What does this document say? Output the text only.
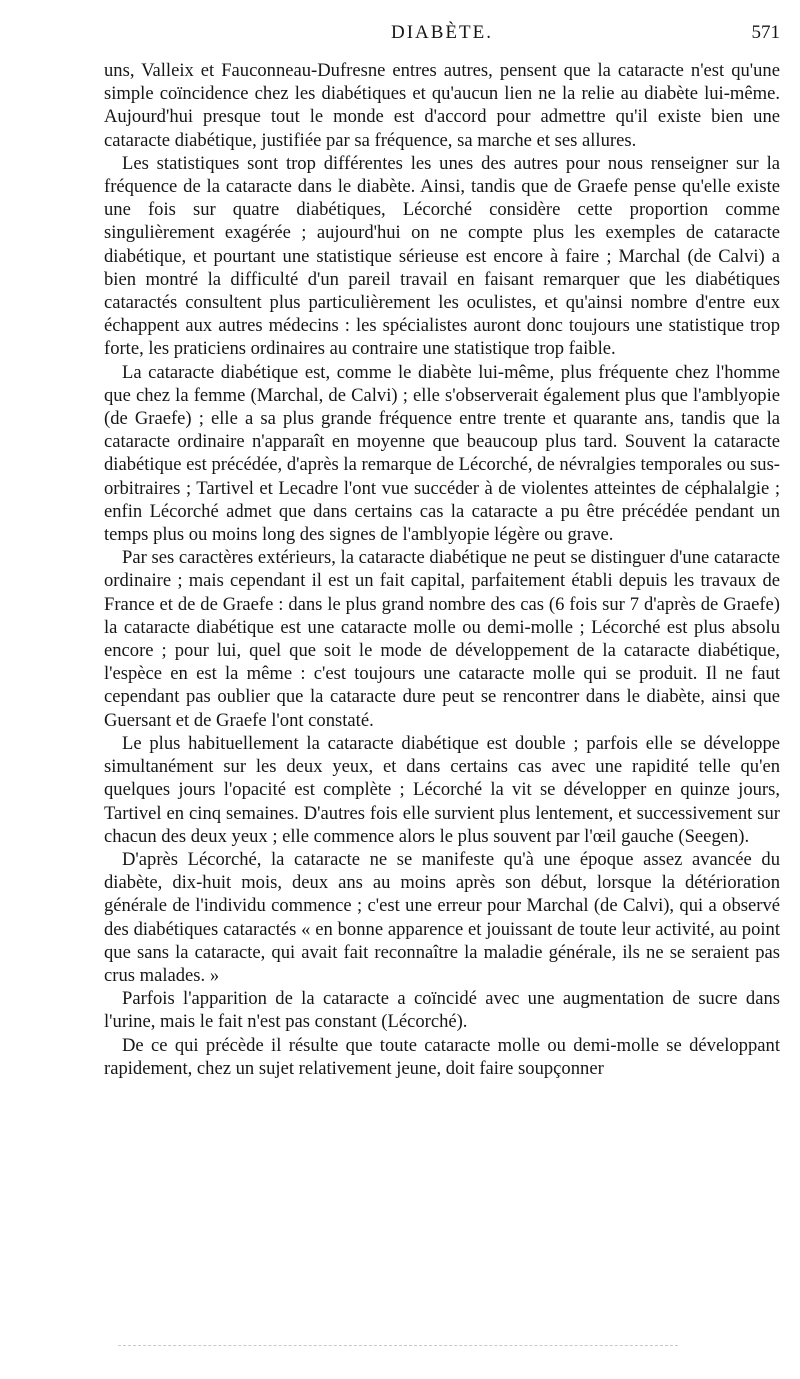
DIABÈTE.	571

uns, Valleix et Fauconneau-Dufresne entres autres, pensent que la cataracte n'est qu'une simple coïncidence chez les diabétiques et qu'aucun lien ne la relie au diabète lui-même. Aujourd'hui presque tout le monde est d'accord pour admettre qu'il existe bien une cataracte diabétique, justifiée par sa fréquence, sa marche et ses allures.

Les statistiques sont trop différentes les unes des autres pour nous renseigner sur la fréquence de la cataracte dans le diabète. Ainsi, tandis que de Graefe pense qu'elle existe une fois sur quatre diabétiques, Lécorché considère cette proportion comme singulièrement exagérée ; aujourd'hui on ne compte plus les exemples de cataracte diabétique, et pourtant une statistique sérieuse est encore à faire ; Marchal (de Calvi) a bien montré la difficulté d'un pareil travail en faisant remarquer que les diabétiques cataractés consultent plus particulièrement les oculistes, et qu'ainsi nombre d'entre eux échappent aux autres médecins : les spécialistes auront donc toujours une statistique trop forte, les praticiens ordinaires au contraire une statistique trop faible.

La cataracte diabétique est, comme le diabète lui-même, plus fréquente chez l'homme que chez la femme (Marchal, de Calvi) ; elle s'observerait également plus que l'amblyopie (de Graefe) ; elle a sa plus grande fréquence entre trente et quarante ans, tandis que la cataracte ordinaire n'apparaît en moyenne que beaucoup plus tard. Souvent la cataracte diabétique est précédée, d'après la remarque de Lécorché, de névralgies temporales ou sus-orbitraires ; Tartivel et Lecadre l'ont vue succéder à de violentes atteintes de céphalalgie ; enfin Lécorché admet que dans certains cas la cataracte a pu être précédée pendant un temps plus ou moins long des signes de l'amblyopie légère ou grave.

Par ses caractères extérieurs, la cataracte diabétique ne peut se distinguer d'une cataracte ordinaire ; mais cependant il est un fait capital, parfaitement établi depuis les travaux de France et de de Graefe : dans le plus grand nombre des cas (6 fois sur 7 d'après de Graefe) la cataracte diabétique est une cataracte molle ou demi-molle ; Lécorché est plus absolu encore ; pour lui, quel que soit le mode de développement de la cataracte diabétique, l'espèce en est la même : c'est toujours une cataracte molle qui se produit. Il ne faut cependant pas oublier que la cataracte dure peut se rencontrer dans le diabète, ainsi que Guersant et de Graefe l'ont constaté.

Le plus habituellement la cataracte diabétique est double ; parfois elle se développe simultanément sur les deux yeux, et dans certains cas avec une rapidité telle qu'en quelques jours l'opacité est complète ; Lécorché la vit se développer en quinze jours, Tartivel en cinq semaines. D'autres fois elle survient plus lentement, et successivement sur chacun des deux yeux ; elle commence alors le plus souvent par l'œil gauche (Seegen).

D'après Lécorché, la cataracte ne se manifeste qu'à une époque assez avancée du diabète, dix-huit mois, deux ans au moins après son début, lorsque la détérioration générale de l'individu commence ; c'est une erreur pour Marchal (de Calvi), qui a observé des diabétiques cataractés « en bonne apparence et jouissant de toute leur activité, au point que sans la cataracte, qui avait fait reconnaître la maladie générale, ils ne se seraient pas crus malades. »

Parfois l'apparition de la cataracte a coïncidé avec une augmentation de sucre dans l'urine, mais le fait n'est pas constant (Lécorché).

De ce qui précède il résulte que toute cataracte molle ou demi-molle se développant rapidement, chez un sujet relativement jeune, doit faire soupçonner
